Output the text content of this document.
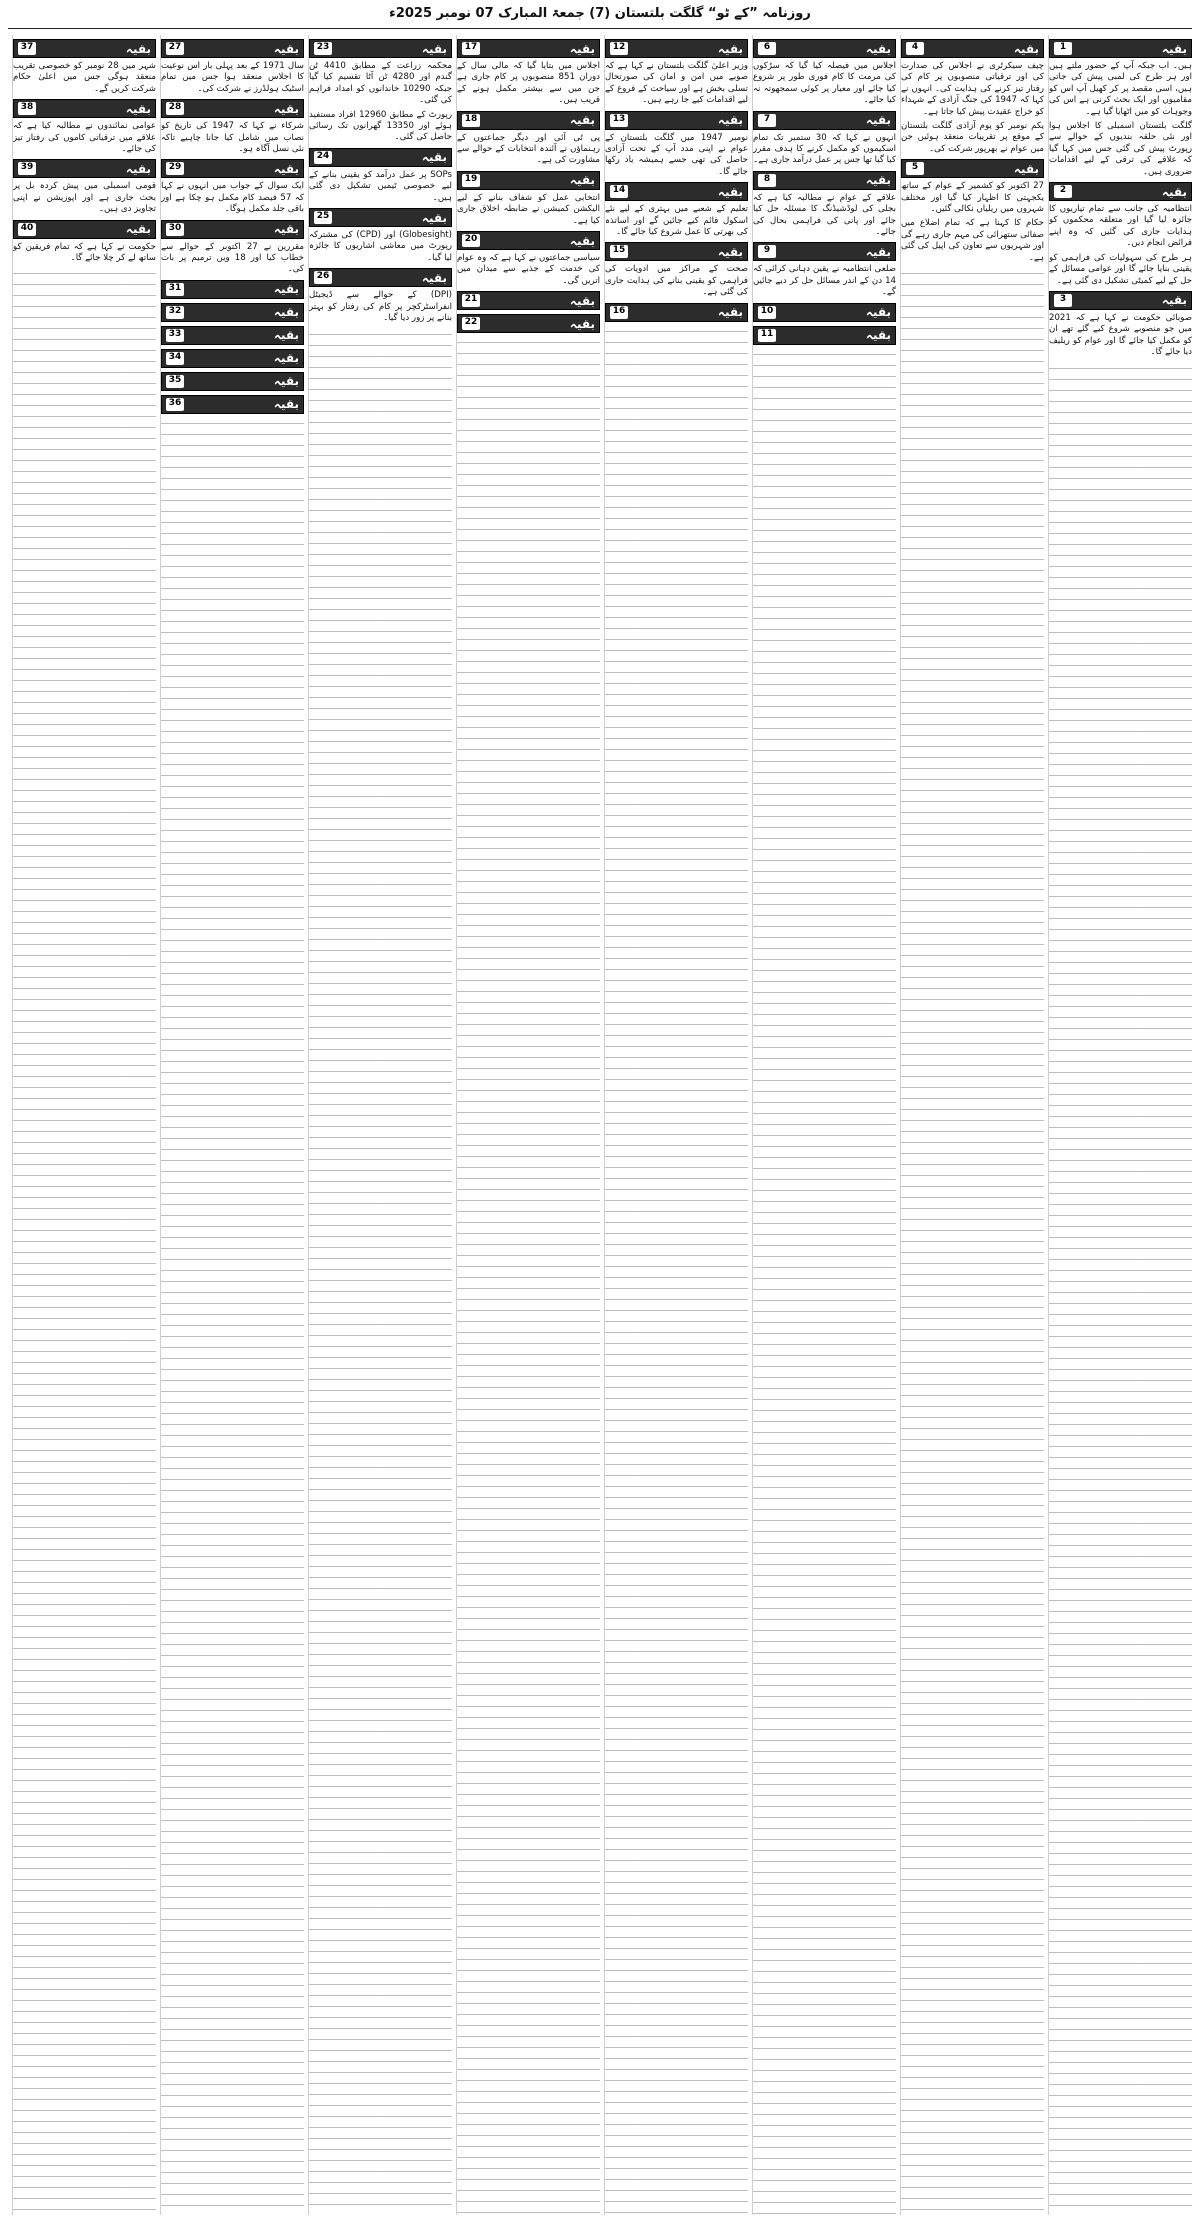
روزنامہ ”کے ٹو“ گلگت بلتستان (7) جمعۃ المبارک 07 نومبر 2025ء
بقیہ
1

ہیں۔ اب جبکہ آپ کے حضور ملتے ہیں اور ہر طرح کی لمبی پیش کی جاتی ہیں، اسی مقصد پر کر کھیل آپ اس کو مقامیوں اور ایک بحث کرنی ہے اس کی وجوہات کو میں اٹھایا گیا ہے۔

گلگت بلتستان اسمبلی کا اجلاس ہوا اور نئی حلقہ بندیوں کے حوالے سے رپورٹ پیش کی گئی جس میں کہا گیا کہ علاقے کی ترقی کے لیے اقدامات ضروری ہیں۔

بقیہ
2

انتظامیہ کی جانب سے تمام تیاریوں کا جائزہ لیا گیا اور متعلقہ محکموں کو ہدایات جاری کی گئیں کہ وہ اپنے فرائض انجام دیں۔

ہر طرح کی سہولیات کی فراہمی کو یقینی بنایا جائے گا اور عوامی مسائل کے حل کے لیے کمیٹی تشکیل دی گئی ہے۔

بقیہ
3

صوبائی حکومت نے کہا ہے کہ 2021 میں جو منصوبے شروع کیے گئے تھے ان کو مکمل کیا جائے گا اور عوام کو ریلیف دیا جائے گا۔

بقیہ
4

چیف سیکرٹری نے اجلاس کی صدارت کی اور ترقیاتی منصوبوں پر کام کی رفتار تیز کرنے کی ہدایت کی۔ انہوں نے کہا کہ 1947 کی جنگ آزادی کے شہداء کو خراج عقیدت پیش کیا جاتا ہے۔

یکم نومبر کو یوم آزادی گلگت بلتستان کے موقع پر تقریبات منعقد ہوئیں جن میں عوام نے بھرپور شرکت کی۔

بقیہ
5

27 اکتوبر کو کشمیر کے عوام کے ساتھ یکجہتی کا اظہار کیا گیا اور مختلف شہروں میں ریلیاں نکالی گئیں۔

حکام کا کہنا ہے کہ تمام اضلاع میں صفائی ستھرائی کی مہم جاری رہے گی اور شہریوں سے تعاون کی اپیل کی گئی ہے۔

بقیہ
6

اجلاس میں فیصلہ کیا گیا کہ سڑکوں کی مرمت کا کام فوری طور پر شروع کیا جائے اور معیار پر کوئی سمجھوتہ نہ کیا جائے۔

بقیہ
7

انہوں نے کہا کہ 30 ستمبر تک تمام اسکیموں کو مکمل کرنے کا ہدف مقرر کیا گیا تھا جس پر عمل درآمد جاری ہے۔

بقیہ
8

علاقے کے عوام نے مطالبہ کیا ہے کہ بجلی کی لوڈشیڈنگ کا مسئلہ حل کیا جائے اور پانی کی فراہمی بحال کی جائے۔

بقیہ
9

ضلعی انتظامیہ نے یقین دہانی کرائی کہ 14 دن کے اندر مسائل حل کر دیے جائیں گے۔

بقیہ
10
بقیہ
11
بقیہ
12

وزیر اعلیٰ گلگت بلتستان نے کہا ہے کہ صوبے میں امن و امان کی صورتحال تسلی بخش ہے اور سیاحت کے فروغ کے لیے اقدامات کیے جا رہے ہیں۔

بقیہ
13

نومبر 1947 میں گلگت بلتستان کے عوام نے اپنی مدد آپ کے تحت آزادی حاصل کی تھی جسے ہمیشہ یاد رکھا جائے گا۔

بقیہ
14

تعلیم کے شعبے میں بہتری کے لیے نئے اسکول قائم کیے جائیں گے اور اساتذہ کی بھرتی کا عمل شروع کیا جائے گا۔

بقیہ
15

صحت کے مراکز میں ادویات کی فراہمی کو یقینی بنانے کی ہدایت جاری کی گئی ہے۔

بقیہ
16
بقیہ
17

اجلاس میں بتایا گیا کہ مالی سال کے دوران 851 منصوبوں پر کام جاری ہے جن میں سے بیشتر مکمل ہونے کے قریب ہیں۔

بقیہ
18

پی ٹی آئی اور دیگر جماعتوں کے رہنماؤں نے آئندہ انتخابات کے حوالے سے مشاورت کی ہے۔

بقیہ
19

انتخابی عمل کو شفاف بنانے کے لیے الیکشن کمیشن نے ضابطہ اخلاق جاری کیا ہے۔

بقیہ
20

سیاسی جماعتوں نے کہا ہے کہ وہ عوام کی خدمت کے جذبے سے میدان میں اتریں گی۔

بقیہ
21
بقیہ
22
بقیہ
23

محکمہ زراعت کے مطابق 4410 ٹن گندم اور 4280 ٹن آٹا تقسیم کیا گیا جبکہ 10290 خاندانوں کو امداد فراہم کی گئی۔

رپورٹ کے مطابق 12960 افراد مستفید ہوئے اور 13350 گھرانوں تک رسائی حاصل کی گئی۔

بقیہ
24

SOPs پر عمل درآمد کو یقینی بنانے کے لیے خصوصی ٹیمیں تشکیل دی گئی ہیں۔

بقیہ
25

(Globesight) اور (CPD) کی مشترکہ رپورٹ میں معاشی اشاریوں کا جائزہ لیا گیا۔

بقیہ
26

(DPI) کے حوالے سے ڈیجیٹل انفراسٹرکچر پر کام کی رفتار کو بہتر بنانے پر زور دیا گیا۔

بقیہ
27

سال 1971 کے بعد پہلی بار اس نوعیت کا اجلاس منعقد ہوا جس میں تمام اسٹیک ہولڈرز نے شرکت کی۔

بقیہ
28

شرکاء نے کہا کہ 1947 کی تاریخ کو نصاب میں شامل کیا جانا چاہیے تاکہ نئی نسل آگاہ ہو۔

بقیہ
29

ایک سوال کے جواب میں انہوں نے کہا کہ 57 فیصد کام مکمل ہو چکا ہے اور باقی جلد مکمل ہوگا۔

بقیہ
30

مقررین نے 27 اکتوبر کے حوالے سے خطاب کیا اور 18 ویں ترمیم پر بات کی۔

بقیہ
31
بقیہ
32
بقیہ
33
بقیہ
34
بقیہ
35
بقیہ
36
بقیہ
37

شہر میں 28 نومبر کو خصوصی تقریب منعقد ہوگی جس میں اعلیٰ حکام شرکت کریں گے۔

بقیہ
38

عوامی نمائندوں نے مطالبہ کیا ہے کہ علاقے میں ترقیاتی کاموں کی رفتار تیز کی جائے۔

بقیہ
39

قومی اسمبلی میں پیش کردہ بل پر بحث جاری ہے اور اپوزیشن نے اپنی تجاویز دی ہیں۔

بقیہ
40

حکومت نے کہا ہے کہ تمام فریقین کو ساتھ لے کر چلا جائے گا۔
